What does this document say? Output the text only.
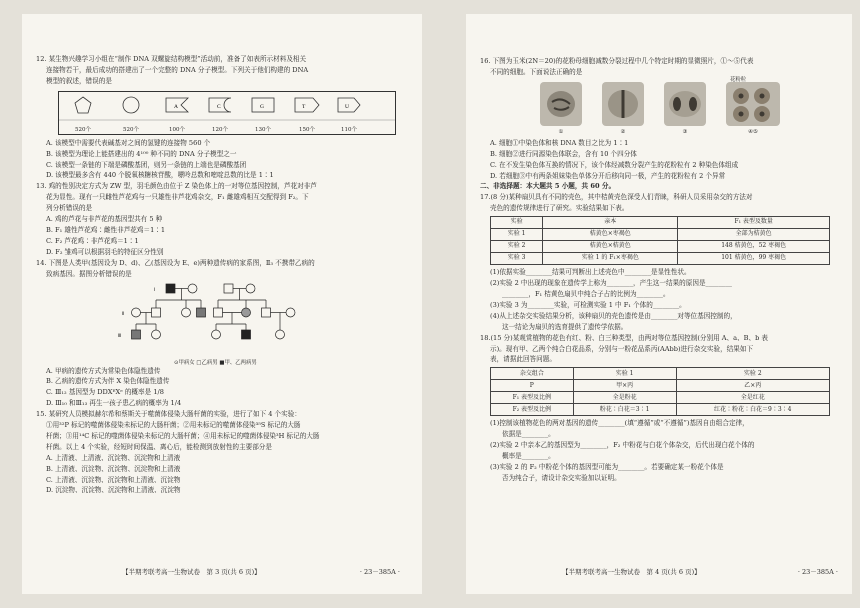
12. 某生物兴趣学习小组在“制作 DNA 双螺旋结构模型”活动前，准备了如表所示材料及相关

连接物若干，最后成功的搭建出了一个完整的 DNA 分子模型。下列关于他们构建的 DNA

模型的叙述，错误的是

A	C	G	T	U
520个	520个	100个	120个	130个	150个	110个

A. 该模型中需要代表碱基对之间的氢键的连接物 560 个

B. 该模型为理论上能搭建出的 4¹⁰⁰ 种不同的 DNA 分子模型之一

C. 该模型一条链的下端是磷酸基团，则另一条链的上端也是磷酸基团

D. 该模型最多含有 440 个脱氧核糖核苷酸，嘌呤总数和嘧啶总数的比是 1∶1

13. 鸡的性别决定方式为 ZW 型，羽毛颜色由位于 Z 染色体上的一对等位基因控制，芦花对非芦

花为显性。现有一只雌性芦花鸡与一只雄性非芦花鸡杂交，F₁ 雌雄鸡相互交配得到 F₂。下

列分析错误的是

A. 鸡的芦花与非芦花的基因型共有 5 种

B. F₁ 雄性芦花鸡∶雌性非芦花鸡＝1∶1

C. F₂ 芦花鸡∶非芦花鸡＝1∶1

D. F₂ 雏鸡可以根据羽毛的特征区分性别

14. 下图是人类甲(基因设为 D、d)、乙(基因设为 E、e)两种遗传病的家系图，Ⅱ₃ 不携带乙病的

致病基因。据图分析错误的是

Ⅰ
Ⅱ
Ⅲ
⊙甲病女 □乙病男 ■甲、乙两病男

A. 甲病的遗传方式为常染色体隐性遗传

B. 乙病的遗传方式为伴 X 染色体隐性遗传

C. Ⅲ₁₂ 基因型为 DDXᴱXᵉ 的概率是 1/8

D. Ⅲ₁₀ 和Ⅲ₁₃ 再生一孩子患乙病的概率为 1/4

15. 某研究人员模拟赫尔希和蔡斯关于噬菌体侵染大肠杆菌的实验，进行了如下 4 个实验：

①用³²P 标记的噬菌体侵染未标记的大肠杆菌；②用未标记的噬菌体侵染³⁵S 标记的大肠

杆菌；③用¹⁴C 标记的噬菌体侵染未标记的大肠杆菌；④用未标记的噬菌体侵染³H 标记的大肠

杆菌。以上 4 个实验，经短时间保温、离心后，能检测到放射性的主要部分是

A. 上清液、上清液、沉淀物、沉淀物和上清液

B. 上清液、沉淀物、沉淀物、沉淀物和上清液

C. 上清液、沉淀物、沉淀物和上清液、沉淀物

D. 沉淀物、沉淀物、沉淀物和上清液、沉淀物

【半期考联考高一生物试卷　第 3 页(共 6 页)】	· 23－385A ·

16. 下图为玉米(2N＝20)的花粉母细胞减数分裂过程中几个特定时期的显微照片，①～⑤代表

不同的细胞。下面说法正确的是

①	②	③	④⑤
花粉粒

A. 细胞①中染色体和核 DNA 数目之比为 1∶1

B. 细胞②进行同源染色体联会，含有 10 个四分体

C. 在不发生染色体互换的情况下，该个体经减数分裂产生的花粉粒有 2 种染色体组成

D. 若细胞③中有两条姐妹染色单体分开后移向同一极，产生的花粉粒有 2 个异常

二、非选择题：本大题共 5 小题，共 60 分。

17.(8 分)某种扇贝具有不同的壳色，其中桔黄壳色深受人们青睐，科研人员采用杂交的方法对

壳色的遗传规律进行了研究。实验结果如下表。

实验	亲本	F₁ 表型及数量
实验 1	桔黄色×枣褐色	全部为桔黄色
实验 2	桔黄色×桔黄色	148 桔黄色，52 枣褐色
实验 3	实验 1 的 F₁×枣褐色	101 桔黄色，99 枣褐色

(1)依据实验________结果可判断出上述壳色中________是显性性状。

(2)实验 2 中出现的现象在遗传学上称为________，产生这一结果的原因是________

________，F₁ 桔黄色扇贝中纯合子占的比例为________。

(3)实验 3 为________实验，可检测实验 1 中 F₁ 个体的________。

(4)从上述杂交实验结果分析，该种扇贝的壳色遗传是由________对等位基因控制的，

这一结论为扇贝的选育提供了遗传学依据。

18.(15 分)某观赏植物的花色有红、粉、白三种类型，由两对等位基因控制(分别用 A、a、B、b 表

示)。现有甲、乙两个纯合白花品系，分别与一粉花品系丙(AAbb)进行杂交实验，结果如下

表，请据此回答问题。

杂交组合	实验 1	实验 2
P	甲×丙	乙×丙
F₁ 表型及比例	全是粉花	全是红花
F₂ 表型及比例	粉花∶白花＝3∶1	红花∶粉花∶白花＝9∶3∶4

(1)控制该植物花色的两对基因的遗传________(填“遵循”或“不遵循”)基因自由组合定律，

依据是________。

(2)实验 2 中亲本乙的基因型为________，F₂ 中粉花与白花个体杂交，后代出现白花个体的

概率是________。

(3)实验 2 的 F₂ 中粉花个体的基因型可能为________。若要确定某一粉花个体是

否为纯合子，请设计杂交实验加以证明。

【半期考联考高一生物试卷　第 4 页(共 6 页)】	· 23－385A ·
